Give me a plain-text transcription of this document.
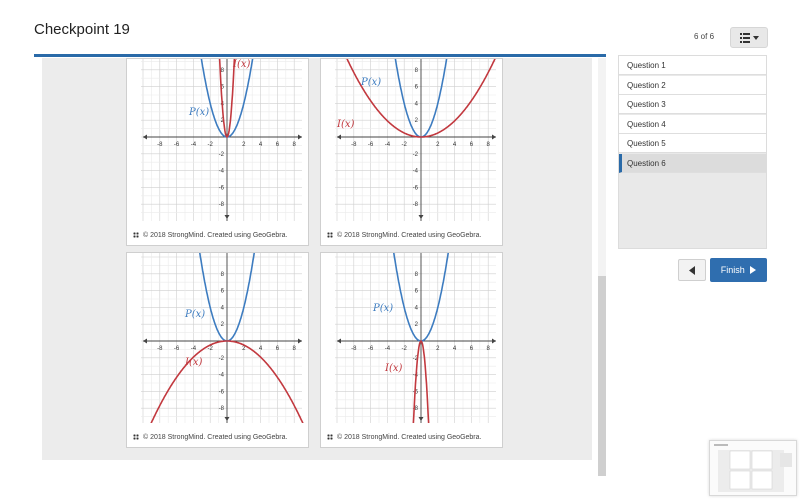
Checkpoint 19	6 of 6
-8 -6 -4 -2	2 4 6 8
8
6
4
2
-2
-4
-6
-8
P(x)
I(x)
© 2018 StrongMind. Created using GeoGebra.
-8 -6 -4 -2	2 4 6 8
8
6
4
2
-2
-4
-6
-8
P(x)
I(x)
© 2018 StrongMind. Created using GeoGebra.
-8 -6 -4 -2	2 4 6 8
8
6
4
2
-2
-4
-6
-8
P(x)
I(x)
© 2018 StrongMind. Created using GeoGebra.
-8 -6 -4 -2	2 4 6 8
8
6
4
2
-2
-4
-6
-8
P(x)
I(x)
© 2018 StrongMind. Created using GeoGebra.
Question 1
Question 2
Question 3
Question 4
Question 5
Question 6
Finish
